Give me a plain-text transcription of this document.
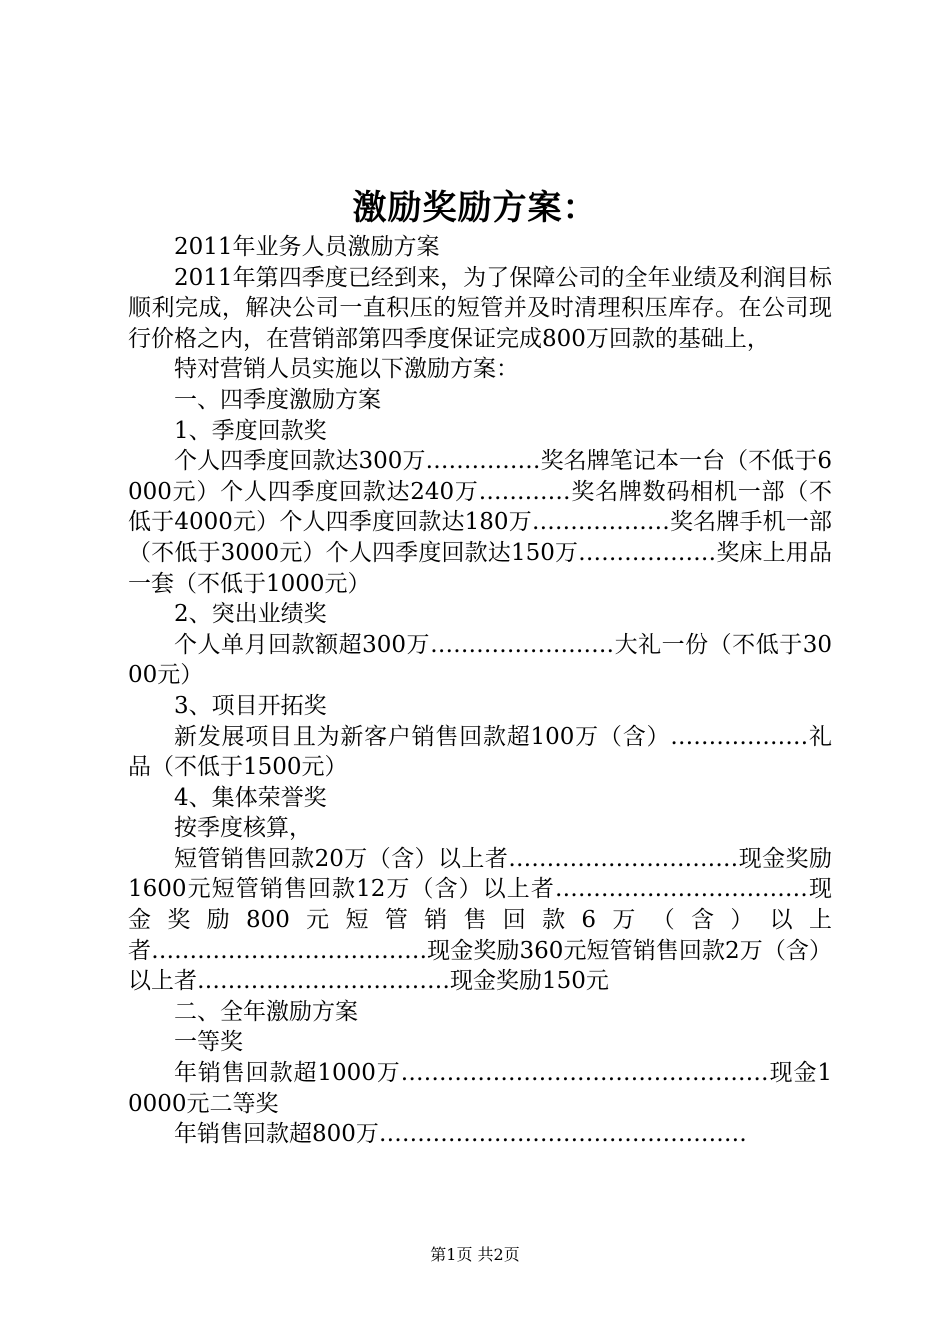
激励奖励方案：

2011年业务人员激励方案

2011年第四季度已经到来，为了保障公司的全年业绩及利润目标顺利完成，解决公司一直积压的短管并及时清理积压库存。在公司现行价格之内，在营销部第四季度保证完成800万回款的基础上，

特对营销人员实施以下激励方案：

一、四季度激励方案

1、季度回款奖

个人四季度回款达300万……………奖名牌笔记本一台（不低于6000元）个人四季度回款达240万…………奖名牌数码相机一部（不低于4000元）个人四季度回款达180万………………奖名牌手机一部（不低于3000元）个人四季度回款达150万………………奖床上用品一套（不低于1000元）

2、突出业绩奖

个人单月回款额超300万……………………大礼一份（不低于3000元）

3、项目开拓奖

新发展项目且为新客户销售回款超100万（含）………………礼品（不低于1500元）

4、集体荣誉奖

按季度核算，

短管销售回款20万（含）以上者…………………………现金奖励1600元短管销售回款12万（含）以上者……………………………现金奖励800元短管销售回款6万（含）以上者………………………………现金奖励360元短管销售回款2万（含）以上者……………………………现金奖励150元

二、全年激励方案

一等奖

年销售回款超1000万…………………………………………现金10000元二等奖

年销售回款超800万…………………………………………

第1页 共2页
